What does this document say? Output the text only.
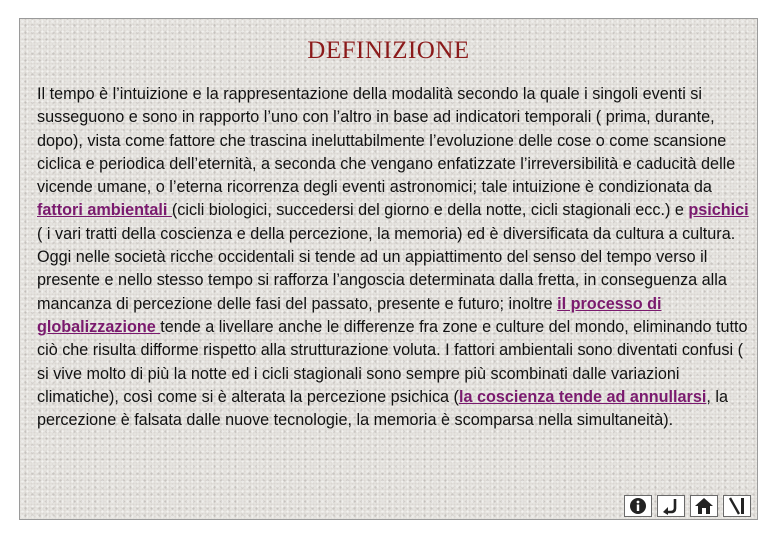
DEFINIZIONE

Il tempo è l’intuizione e la rappresentazione della modalità secondo la quale i singoli eventi si susseguono e sono in rapporto l’uno con l’altro in base ad indicatori temporali ( prima, durante, dopo), vista come fattore che trascina ineluttabilmente l’evoluzione delle cose o come scansione ciclica e periodica dell’eternità, a seconda che vengano enfatizzate l’irreversibilità e caducità delle vicende umane, o l’eterna ricorrenza degli eventi astronomici; tale intuizione è condizionata da fattori ambientali (cicli biologici, succedersi del giorno e della notte, cicli stagionali ecc.) e psichici ( i vari tratti della coscienza e della percezione, la memoria) ed è diversificata da cultura a cultura. Oggi nelle società ricche occidentali si tende ad un appiattimento del senso del tempo verso il presente e nello stesso tempo si rafforza l’angoscia determinata dalla fretta, in conseguenza alla mancanza di percezione delle fasi del passato, presente e futuro; inoltre il processo di globalizzazione tende a livellare anche le differenze fra zone e culture del mondo, eliminando tutto ciò che risulta difforme rispetto alla strutturazione voluta. I fattori ambientali sono diventati confusi ( si vive molto di più la notte ed i cicli stagionali sono sempre più scombinati dalle variazioni climatiche), così come si è alterata la percezione psichica (la coscienza tende ad annullarsi, la percezione è falsata dalle nuove tecnologie, la memoria è scomparsa nella simultaneità).
